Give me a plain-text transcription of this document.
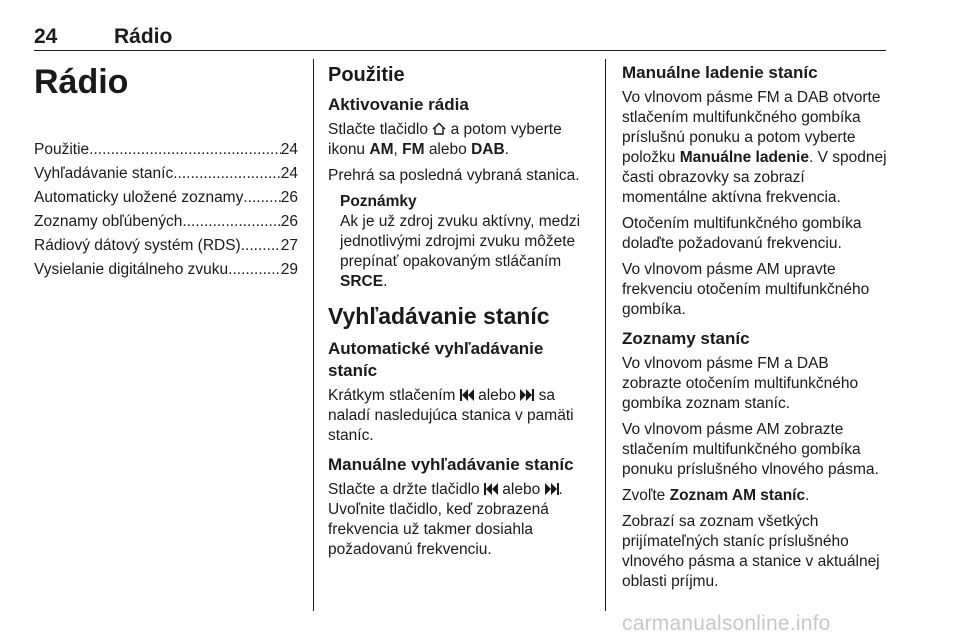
24	Rádio
Rádio
Použitie .....	24
Vyhľadávanie staníc .....	24
Automaticky uložené zoznamy ..... 26
Zoznamy obľúbených .....	26
Rádiový dátový systém (RDS) .....	27
Vysielanie digitálneho zvuku .....	29
Použitie
Aktivovanie rádia

Stlačte tlačidlo a potom vyberte ikonu AM, FM alebo DAB.

Prehrá sa posledná vybraná stanica.

Poznámky
Ak je už zdroj zvuku aktívny, medzi jednotlivými zdrojmi zvuku môžete prepínať opakovaným stláčaním SRCE.
Vyhľadávanie staníc
Automatické vyhľadávanie staníc

Krátkym stlačením alebo sa naladí nasledujúca stanica v pamäti staníc.

Manuálne vyhľadávanie staníc

Stlačte a držte tlačidlo alebo . Uvoľnite tlačidlo, keď zobrazená frekvencia už takmer dosiahla požadovanú frekvenciu.

Manuálne ladenie staníc

Vo vlnovom pásme FM a DAB otvorte stlačením multifunkčného gombíka príslušnú ponuku a potom vyberte položku Manuálne ladenie. V spodnej časti obrazovky sa zobrazí momentálne aktívna frekvencia.

Otočením multifunkčného gombíka dolaďte požadovanú frekvenciu.

Vo vlnovom pásme AM upravte frekvenciu otočením multifunkčného gombíka.

Zoznamy staníc

Vo vlnovom pásme FM a DAB zobrazte otočením multifunkčného gombíka zoznam staníc.

Vo vlnovom pásme AM zobrazte stlačením multifunkčného gombíka ponuku príslušného vlnového pásma.

Zvoľte Zoznam AM staníc.

Zobrazí sa zoznam všetkých prijímateľných staníc príslušného vlnového pásma a stanice v aktuálnej oblasti príjmu.

carmanualsonline.info
